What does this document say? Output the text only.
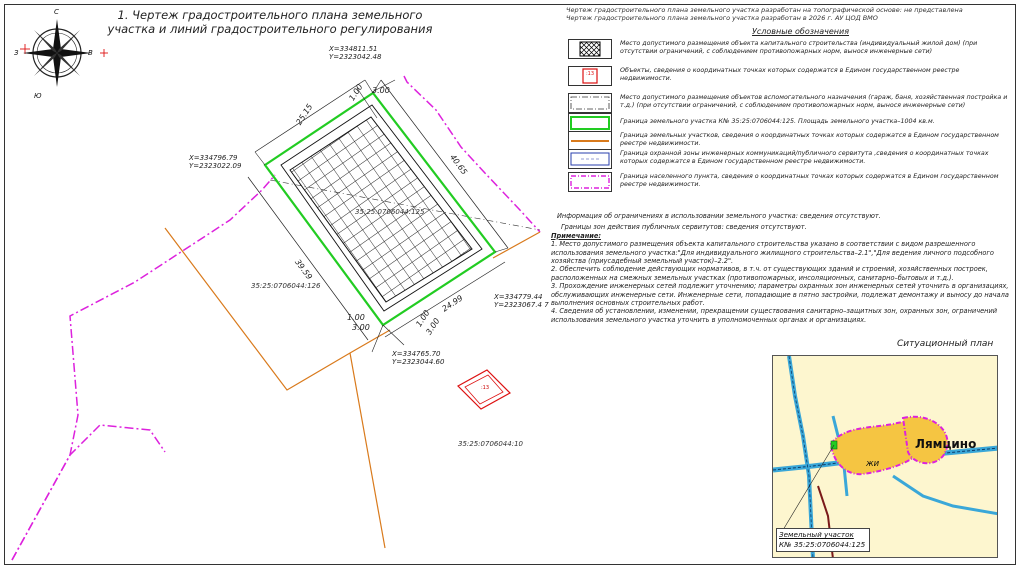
С
В
З
Ю
1. Чертеж градостроительного плана земельного
участка и линий градостроительного регулирования
X=334811.51
Y=2323042.48
X=334796.79
Y=2323022.09
X=334779.44
Y=2323067.4 7
X=334765.70
Y=2323044.60
25.15
40.65
39.59
24.99
1.00 3.00
1.00
3.00	1.00
3.00
35:25:0706044:125
35:25:0706044:126
35:25:0706044:10
:13
Чертеж градостроительного плана земельного участка разработан на топографической основе: не представлена
Чертеж градостроительного плана земельного участка разработан в 2026 г. АУ ЦОД ВМО
Условные обозначения
Место допустимого размещения объекта капитального строительства (индивидуальный жилой дом) (при отсутствии ограничений, с соблюдением противопожарных норм, вынося инженерные сети)
:13	Объекты, сведения о координатных точках которых содержатся в Едином государственном реестре недвижимости.
Место допустимого размещения объектов вспомогательного назначения (гараж, баня, хозяйственная постройка и т.д.) (при отсутствии ограничений, с соблюдением противопожарных норм, вынося инженерные сети)
Граница земельного участка К№ 35:25:0706044:125. Площадь земельного участка–1004 кв.м.
Граница земельных участков, сведения о координатных точках которых содержатся в Едином государственном реестре недвижимости.
Граница охранной зоны инженерных коммуникаций/публичного сервитута ,сведения о координатных точках которых содержатся в Едином государственном реестре недвижимости.
Граница населенного пункта, сведения о координатных точках которых содержатся в Едином государственном реестре недвижимости.

Информация об ограничениях в использовании земельного участка: сведения отсутствуют.

Границы зон действия публичных сервитутов: сведения отсутствуют.

Примечание:

1. Место допустимого размещения объекта капитального строительства указано в соответствии с видом разрешенного использования земельного участка:"Для индивидуального жилищного строительства–2.1","Для ведения личного подсобного хозяйства (приусадебный земельный участок)–2.2".

2. Обеспечить соблюдение действующих нормативов, в т.ч. от существующих зданий и строений, хозяйственных построек, расположенных на смежных земельных участках (противопожарных, инсоляционных, санитарно–бытовых и т.д.).

3. Прохождение инженерных сетей подлежит уточнению; параметры охранных зон инженерных сетей уточнить в организациях, обслуживающих инженерные сети. Инженерные сети, попадающие в пятно застройки, подлежат демонтажу и выносу до начала выполнения основных строительных работ.

4. Сведения об установлении, изменении, прекращении существования санитарно–защитных зон, охранных зон, ограничений использования земельного участка уточнить в уполномоченных органах и организациях.

Ситуационный план
Лямцино
жи
Земельный участок
К№ 35:25:0706044:125
